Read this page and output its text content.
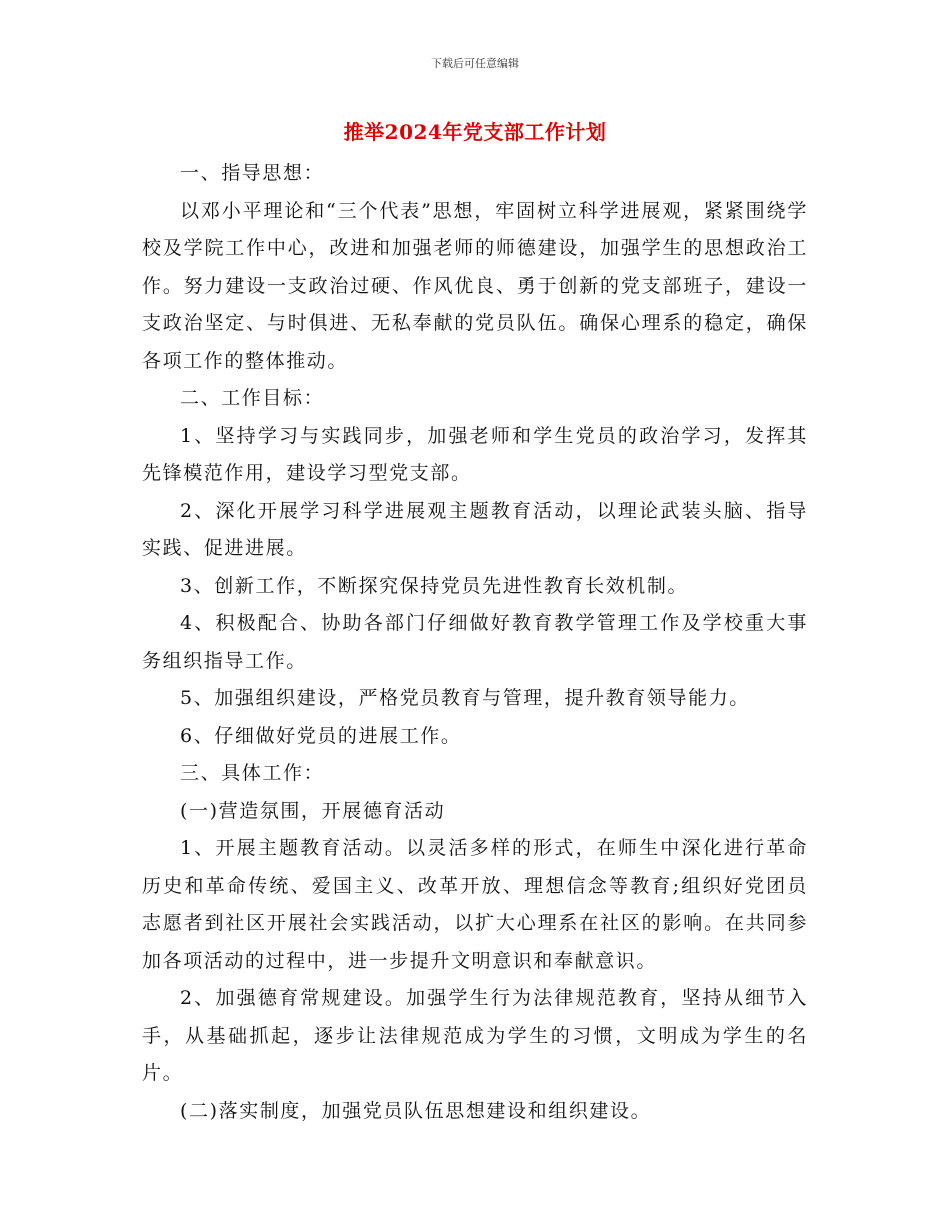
下载后可任意编辑
推举2024年党支部工作计划

一、指导思想：

以邓小平理论和“三个代表”思想，牢固树立科学进展观，紧紧围绕学校及学院工作中心，改进和加强老师的师德建设，加强学生的思想政治工作。努力建设一支政治过硬、作风优良、勇于创新的党支部班子，建设一支政治坚定、与时俱进、无私奉献的党员队伍。确保心理系的稳定，确保各项工作的整体推动。

二、工作目标：

1、坚持学习与实践同步，加强老师和学生党员的政治学习，发挥其先锋模范作用，建设学习型党支部。

2、深化开展学习科学进展观主题教育活动，以理论武装头脑、指导实践、促进进展。

3、创新工作，不断探究保持党员先进性教育长效机制。

4、积极配合、协助各部门仔细做好教育教学管理工作及学校重大事务组织指导工作。

5、加强组织建设，严格党员教育与管理，提升教育领导能力。

6、仔细做好党员的进展工作。

三、具体工作：

(一)营造氛围，开展德育活动

1、开展主题教育活动。以灵活多样的形式，在师生中深化进行革命历史和革命传统、爱国主义、改革开放、理想信念等教育;组织好党团员志愿者到社区开展社会实践活动，以扩大心理系在社区的影响。在共同参加各项活动的过程中，进一步提升文明意识和奉献意识。

2、加强德育常规建设。加强学生行为法律规范教育，坚持从细节入手，从基础抓起，逐步让法律规范成为学生的习惯，文明成为学生的名片。

(二)落实制度，加强党员队伍思想建设和组织建设。
